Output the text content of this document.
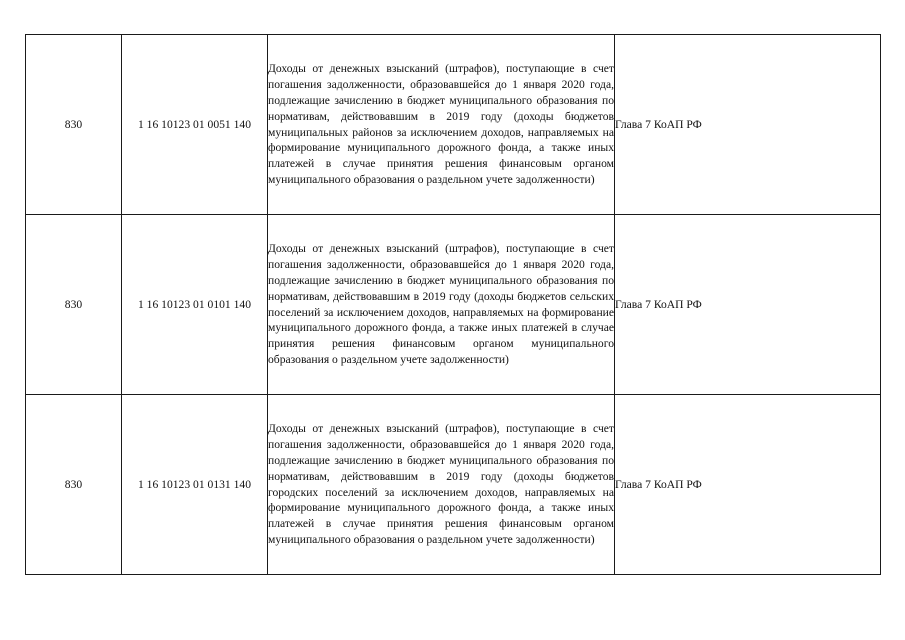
830	1 16 10123 01 0051 140	Доходы от денежных взысканий (штрафов), поступающие в счет погашения задолженности, образовавшейся до 1 января 2020 года, подлежащие зачислению в бюджет муниципального образования по нормативам, действовавшим в 2019 году (доходы бюджетов муниципальных районов за исключением доходов, направляемых на формирование муниципального дорожного фонда, а также иных платежей в случае принятия решения финансовым органом муниципального образования о раздельном учете задолженности)	Глава 7 КоАП РФ
830	1 16 10123 01 0101 140	Доходы от денежных взысканий (штрафов), поступающие в счет погашения задолженности, образовавшейся до 1 января 2020 года, подлежащие зачислению в бюджет муниципального образования по нормативам, действовавшим в 2019 году (доходы бюджетов сельских поселений за исключением доходов, направляемых на формирование муниципального дорожного фонда, а также иных платежей в случае принятия решения финансовым органом муниципального образования о раздельном учете задолженности)	Глава 7 КоАП РФ
830	1 16 10123 01 0131 140	Доходы от денежных взысканий (штрафов), поступающие в счет погашения задолженности, образовавшейся до 1 января 2020 года, подлежащие зачислению в бюджет муниципального образования по нормативам, действовавшим в 2019 году (доходы бюджетов городских поселений за исключением доходов, направляемых на формирование муниципального дорожного фонда, а также иных платежей в случае принятия решения финансовым органом муниципального образования о раздельном учете задолженности)	Глава 7 КоАП РФ
